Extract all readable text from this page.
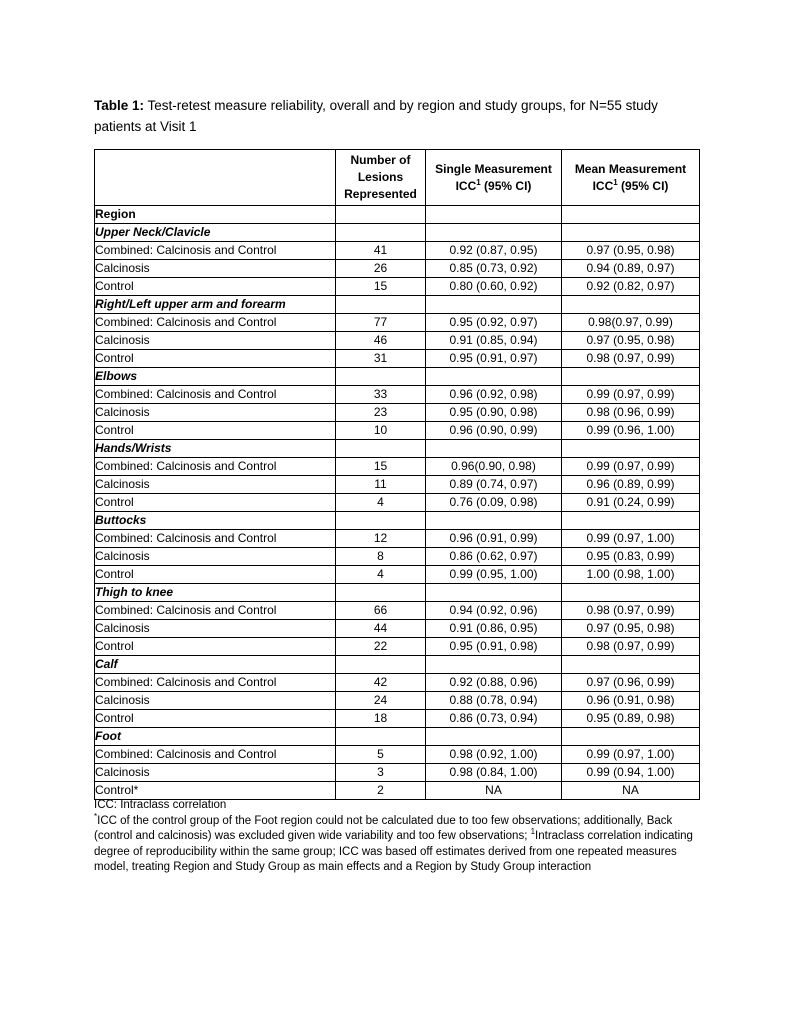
Table 1: Test-retest measure reliability, overall and by region and study groups, for N=55 study patients at Visit 1
	Number of Lesions Represented	Single Measurement ICC$^1$ (95% CI)	Mean Measurement ICC$^1$ (95% CI)
Region			
Upper Neck/Clavicle			
Combined: Calcinosis and Control	41	0.92 (0.87, 0.95)	0.97 (0.95, 0.98)
Calcinosis	26	0.85 (0.73, 0.92)	0.94 (0.89, 0.97)
Control	15	0.80 (0.60, 0.92)	0.92 (0.82, 0.97)
Right/Left upper arm and forearm			
Combined: Calcinosis and Control	77	0.95 (0.92, 0.97)	0.98(0.97, 0.99)
Calcinosis	46	0.91 (0.85, 0.94)	0.97 (0.95, 0.98)
Control	31	0.95 (0.91, 0.97)	0.98 (0.97, 0.99)
Elbows			
Combined: Calcinosis and Control	33	0.96 (0.92, 0.98)	0.99 (0.97, 0.99)
Calcinosis	23	0.95 (0.90, 0.98)	0.98 (0.96, 0.99)
Control	10	0.96 (0.90, 0.99)	0.99 (0.96, 1.00)
Hands/Wrists			
Combined: Calcinosis and Control	15	0.96(0.90, 0.98)	0.99 (0.97, 0.99)
Calcinosis	11	0.89 (0.74, 0.97)	0.96 (0.89, 0.99)
Control	4	0.76 (0.09, 0.98)	0.91 (0.24, 0.99)
Buttocks			
Combined: Calcinosis and Control	12	0.96 (0.91, 0.99)	0.99 (0.97, 1.00)
Calcinosis	8	0.86 (0.62, 0.97)	0.95 (0.83, 0.99)
Control	4	0.99 (0.95, 1.00)	1.00 (0.98, 1.00)
Thigh to knee			
Combined: Calcinosis and Control	66	0.94 (0.92, 0.96)	0.98 (0.97, 0.99)
Calcinosis	44	0.91 (0.86, 0.95)	0.97 (0.95, 0.98)
Control	22	0.95 (0.91, 0.98)	0.98 (0.97, 0.99)
Calf			
Combined: Calcinosis and Control	42	0.92 (0.88, 0.96)	0.97 (0.96, 0.99)
Calcinosis	24	0.88 (0.78, 0.94)	0.96 (0.91, 0.98)
Control	18	0.86 (0.73, 0.94)	0.95 (0.89, 0.98)
Foot			
Combined: Calcinosis and Control	5	0.98 (0.92, 1.00)	0.99 (0.97, 1.00)
Calcinosis	3	0.98 (0.84, 1.00)	0.99 (0.94, 1.00)
Control*	2	NA	NA
ICC: Intraclass correlation
*ICC of the control group of the Foot region could not be calculated due to too few observations; additionally, Back (control and calcinosis) was excluded given wide variability and too few observations; $^1$Intraclass correlation indicating degree of reproducibility within the same group; ICC was based off estimates derived from one repeated measures model, treating Region and Study Group as main effects and a Region by Study Group interaction
